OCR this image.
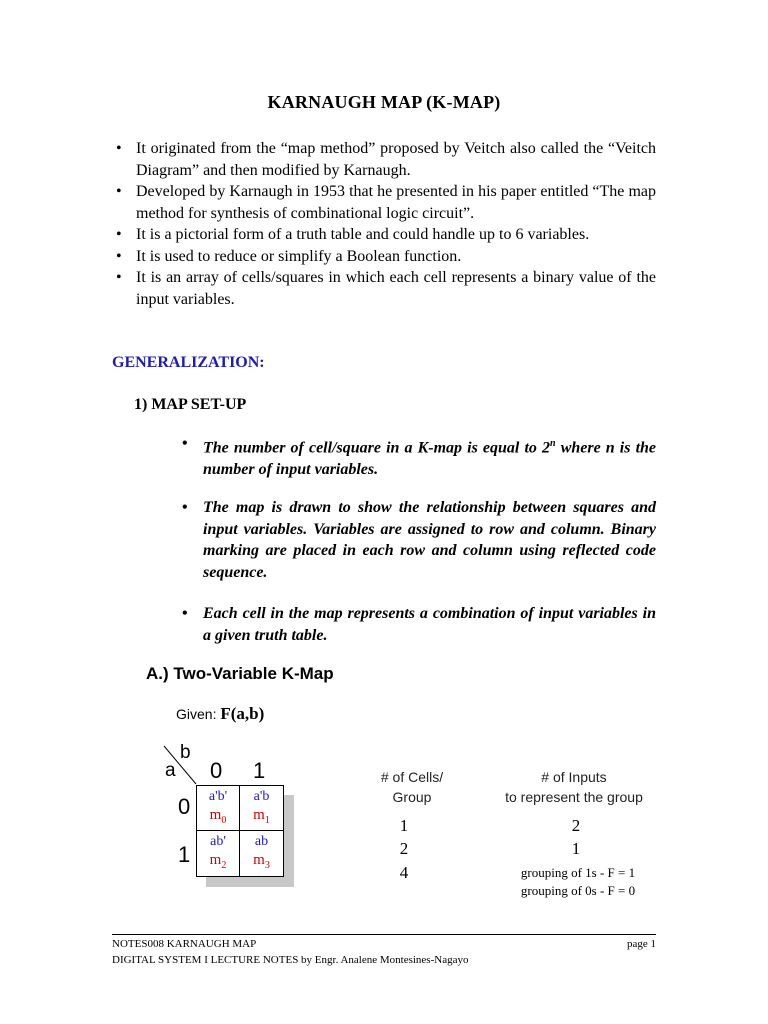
KARNAUGH MAP (K-MAP)
• It originated from the “map method” proposed by Veitch also called the “Veitch Diagram” and then modified by Karnaugh.
• Developed by Karnaugh in 1953 that he presented in his paper entitled “The map method for synthesis of combinational logic circuit”.
• It is a pictorial form of a truth table and could handle up to 6 variables.
• It is used to reduce or simplify a Boolean function.
• It is an array of cells/squares in which each cell represents a binary value of the input variables.
GENERALIZATION:
1) MAP SET-UP
• The number of cell/square in a K-map is equal to 2$^n$ where n is the number of input variables.
• The map is drawn to show the relationship between squares and input variables. Variables are assigned to row and column. Binary marking are placed in each row and column using reflected code sequence.
• Each cell in the map represents a combination of input variables in a given truth table.
A.) Two-Variable K-Map
Given: F(a,b)
a
b
0 1
0
1
a'b'
$m_0$
a'b
$m_1$
ab'
$m_2$
ab
$m_3$
# of Cells/
Group
# of Inputs
to represent the group
1
2
4
2
1
grouping of 1s - F = 1
grouping of 0s - F = 0
NOTES008 KARNAUGH MAP	page 1
DIGITAL SYSTEM I LECTURE NOTES by Engr. Analene Montesines-Nagayo
